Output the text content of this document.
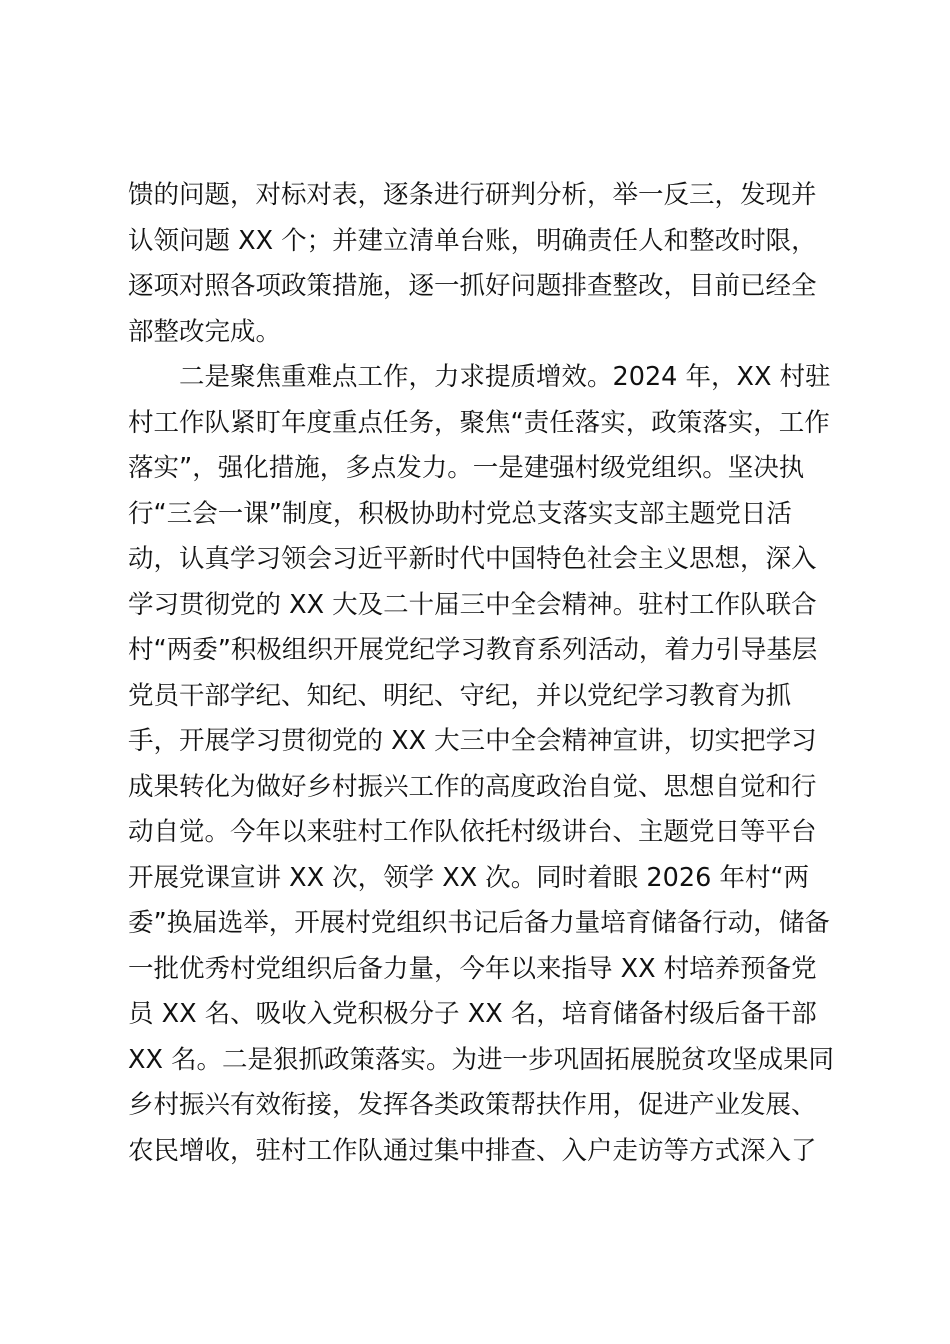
馈的问题，对标对表，逐条进行研判分析，举一反三，发现并
认领问题 XX 个；并建立清单台账，明确责任人和整改时限，
逐项对照各项政策措施，逐一抓好问题排查整改，目前已经全
部整改完成。
二是聚焦重难点工作，力求提质增效。2024 年，XX 村驻
村工作队紧盯年度重点任务，聚焦“责任落实，政策落实，工作
落实”，强化措施，多点发力。一是建强村级党组织。坚决执
行“三会一课”制度，积极协助村党总支落实支部主题党日活
动，认真学习领会习近平新时代中国特色社会主义思想，深入
学习贯彻党的 XX 大及二十届三中全会精神。驻村工作队联合
村“两委”积极组织开展党纪学习教育系列活动，着力引导基层
党员干部学纪、知纪、明纪、守纪，并以党纪学习教育为抓
手，开展学习贯彻党的 XX 大三中全会精神宣讲，切实把学习
成果转化为做好乡村振兴工作的高度政治自觉、思想自觉和行
动自觉。今年以来驻村工作队依托村级讲台、主题党日等平台
开展党课宣讲 XX 次，领学 XX 次。同时着眼 2026 年村“两
委”换届选举，开展村党组织书记后备力量培育储备行动，储备
一批优秀村党组织后备力量，今年以来指导 XX 村培养预备党
员 XX 名、吸收入党积极分子 XX 名，培育储备村级后备干部
XX 名。二是狠抓政策落实。为进一步巩固拓展脱贫攻坚成果同
乡村振兴有效衔接，发挥各类政策帮扶作用，促进产业发展、
农民增收，驻村工作队通过集中排查、入户走访等方式深入了
